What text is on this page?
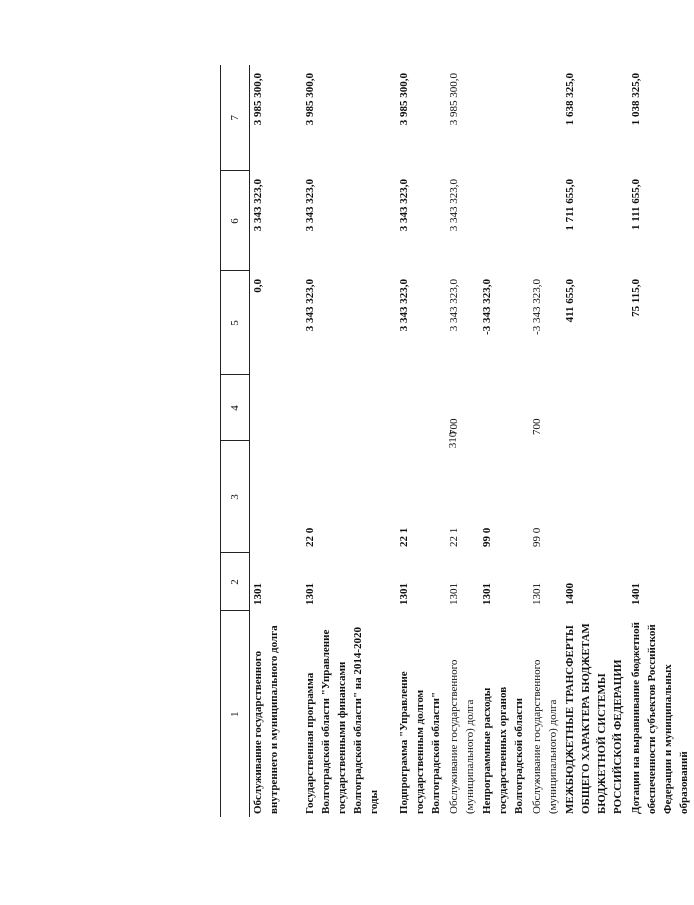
310
1	2	3	4	5	6	7
Обслуживание государственного внутреннего и муниципального долга	1301			0,0	3 343 323,0	3 985 300,0
Государственная программа Волгоградской области "Управление государственными финансами Волгоградской области" на 2014-2020 годы	1301	22 0		3 343 323,0	3 343 323,0	3 985 300,0
Подпрограмма "Управление государственным долгом Волгоградской области"	1301	22 1		3 343 323,0	3 343 323,0	3 985 300,0
Обслуживание государственного (муниципального) долга	1301	22 1	700	3 343 323,0	3 343 323,0	3 985 300,0
Непрограммные расходы государственных органов Волгоградской области	1301	99 0		-3 343 323,0		
Обслуживание государственного (муниципального) долга	1301	99 0	700	-3 343 323,0		
МЕЖБЮДЖЕТНЫЕ ТРАНСФЕРТЫ ОБЩЕГО ХАРАКТЕРА БЮДЖЕТАМ БЮДЖЕТНОЙ СИСТЕМЫ РОССИЙСКОЙ ФЕДЕРАЦИИ	1400			411 655,0	1 711 655,0	1 638 325,0
Дотации на выравнивание бюджетной обеспеченности субъектов Российской Федерации и муниципальных образований	1401			75 115,0	1 111 655,0	1 038 325,0
